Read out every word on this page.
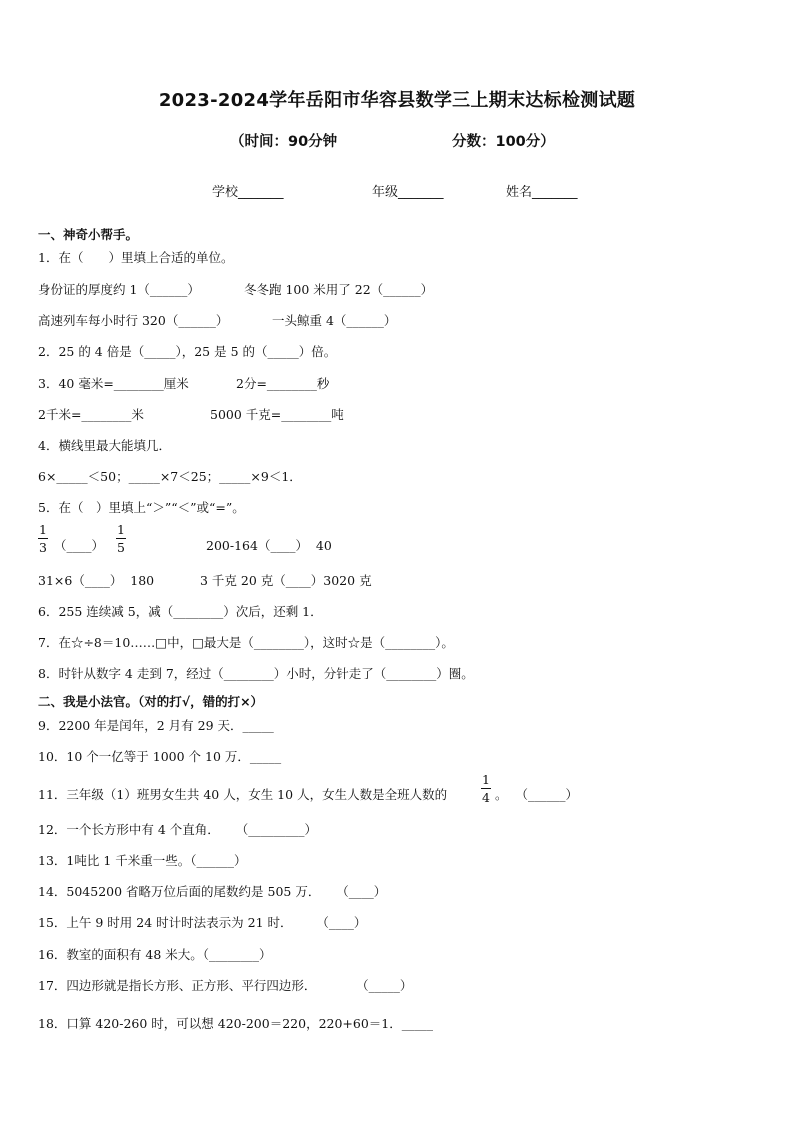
2023-2024学年岳阳市华容县数学三上期末达标检测试题
（时间：90分钟	分数：100分）
学校_______	年级_______	姓名_______
一、神奇小帮手。
1．在（　　）里填上合适的单位。
身份证的厚度约 1（______）	冬冬跑 100 米用了 22（______）
高速列车每小时行 320（______）	一头鲸重 4（______）
2．25 的 4 倍是（_____），25 是 5 的（_____）倍。
3．40 毫米=________厘米	2分=________秒
2千米=________米	5000 千克=________吨
4．横线里最大能填几．
6×_____＜50；_____×7＜25；_____×9＜1．
5．在（　）里填上“＞”“＜”或“=”。
1
3 （____）
1
5	200-164（____）  40
31×6（____）  180	3 千克 20 克（____）3020 克
6．255 连续减 5，减（________）次后，还剩 1．
7．在☆÷8＝10……□中，□最大是（________），这时☆是（________）。
8．时针从数字 4 走到 7，经过（________）小时，分针走了（________）圈。
二、我是小法官。（对的打√，错的打×）
9．2200 年是闰年，2 月有 29 天．_____
10．10 个一亿等于 1000 个 10 万．_____
11．三年级（1）班男女生共 40 人，女生 10 人，女生人数是全班人数的
1
4 。  （______）
12．一个长方形中有 4 个直角．    （_________）
13．1吨比 1 千米重一些。（______）
14．5045200 省略万位后面的尾数约是 505 万．    （____）
15．上午 9 时用 24 时计时法表示为 21 时．      （____）
16．教室的面积有 48 米大。（________）
17．四边形就是指长方形、正方形、平行四边形．          （_____）
18．口算 420-260 时，可以想 420-200＝220，220+60＝1．_____
